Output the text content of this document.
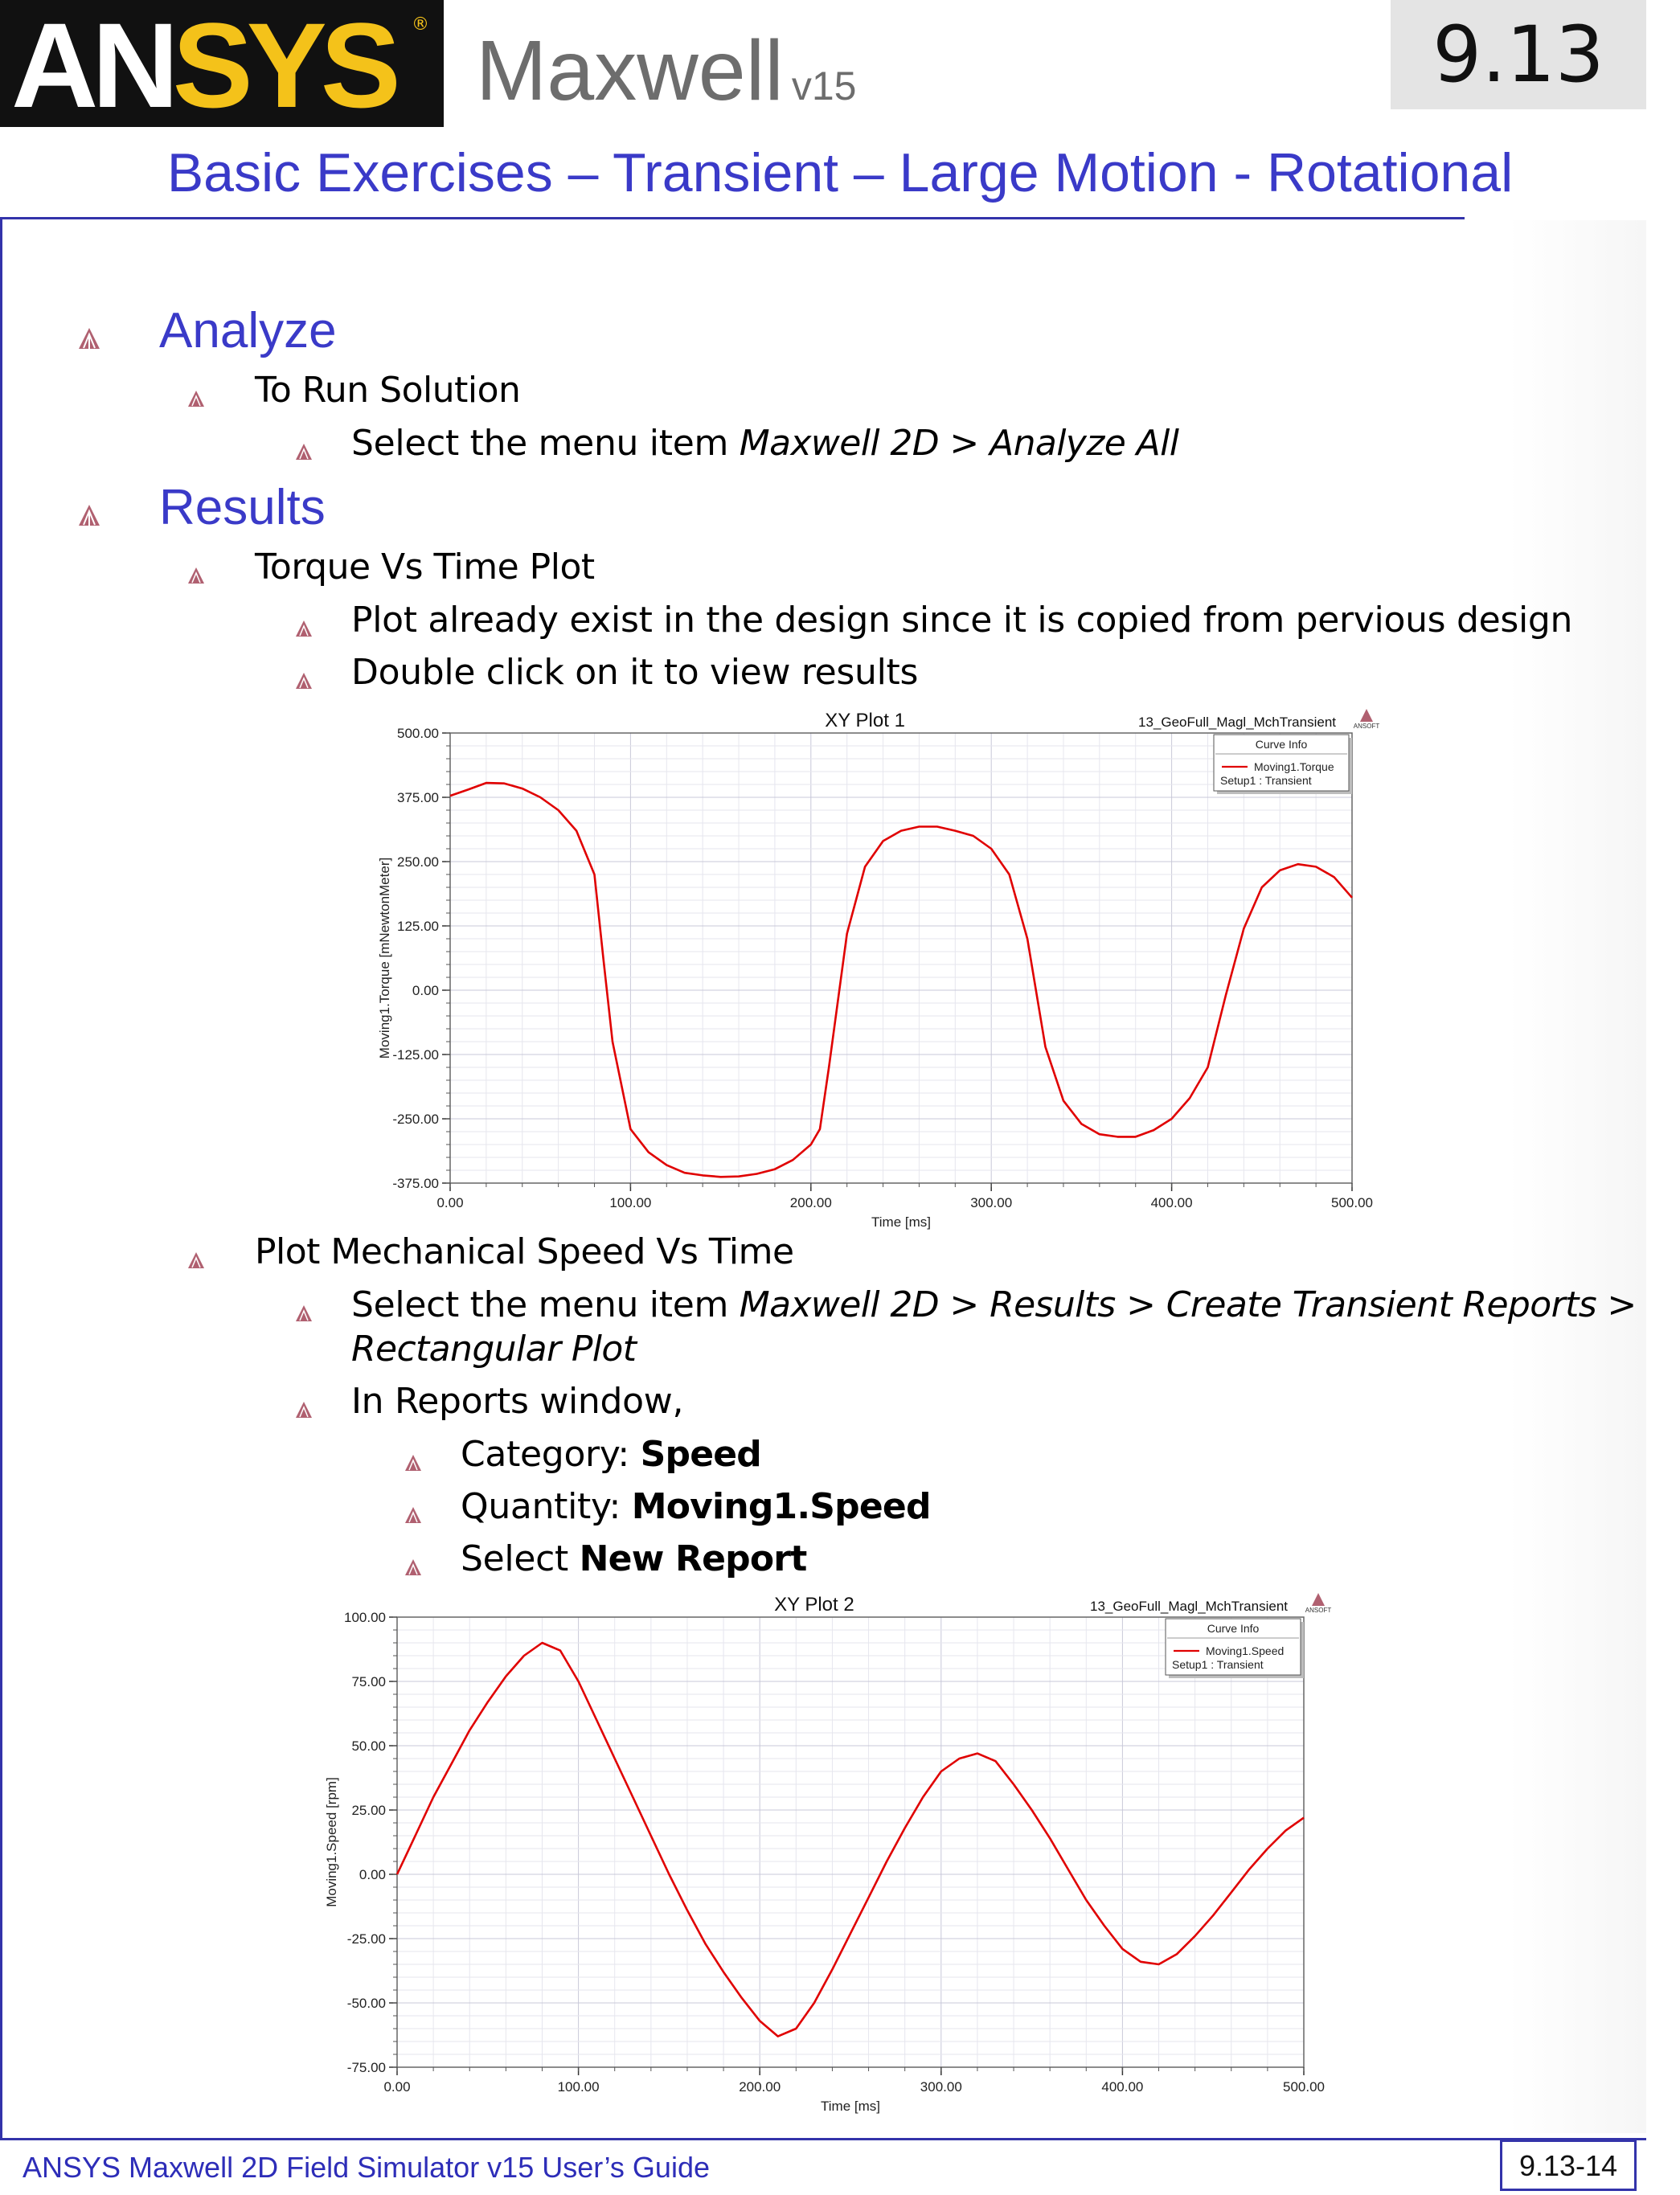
ANSYS ® Maxwell v15	9.13
Basic Exercises – Transient – Large Motion - Rotational
Analyze
To Run Solution
Select the menu item Maxwell 2D > Analyze All
Results
Torque Vs Time Plot
Plot already exist in the design since it is copied from pervious design
Double click on it to view results
Plot Mechanical Speed Vs Time
Select the menu item Maxwell 2D > Results > Create Transient Reports >
Rectangular Plot
In Reports window,
Category: Speed
Quantity: Moving1.Speed
Select New Report
500.00
375.00
250.00
125.00
0.00
-125.00
-250.00
-375.00
0.00	100.00	200.00	300.00	400.00	500.00
Time [ms]
Moving1.Torque [mNewtonMeter]
XY Plot 1	13_GeoFull_Magl_MchTransient	ANSOFT
Curve Info
Moving1.Torque
Setup1 : Transient
100.00
75.00
50.00
25.00
0.00
-25.00
-50.00
-75.00
0.00	100.00	200.00	300.00	400.00	500.00
Time [ms]
Moving1.Speed [rpm]
XY Plot 2	13_GeoFull_Magl_MchTransient	ANSOFT
Curve Info
Moving1.Speed
Setup1 : Transient
ANSYS Maxwell 2D Field Simulator v15 User’s Guide	9.13-14
